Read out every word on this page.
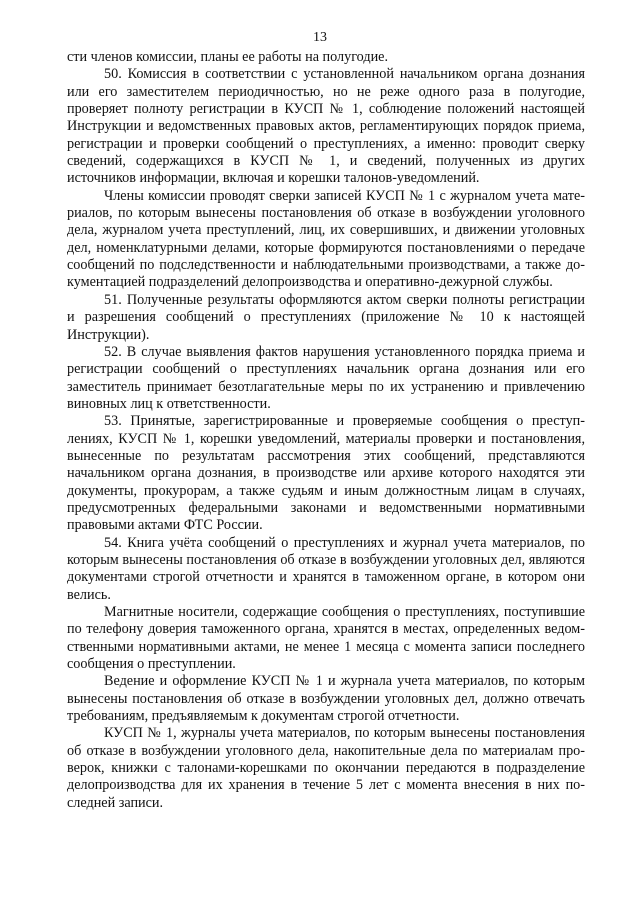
13

сти членов комиссии, планы ее работы на полугодие.

50. Комиссия в соответствии с установленной начальником органа дознания или его заместителем периодичностью, но не реже одного раза в полугодие, проверяет полноту регистрации в КУСП № 1, соблюдение положений настоящей Инструкции и ведомственных правовых актов, регламентирующих порядок приема, регистрации и проверки сообщений о преступлениях, а именно: проводит сверку сведений, содержащихся в КУСП № 1, и сведений, полученных из других источников информации, включая и корешки талонов-уведомлений.

Члены комиссии проводят сверки записей КУСП № 1 с журналом учета материалов, по которым вынесены постановления об отказе в возбуждении уголовного дела, журналом учета преступлений, лиц, их совершивших, и движении уголовных дел, номенклатурными делами, которые формируются постановлениями о передаче сообщений по подследственности и наблюдательными производствами, а также документацией подразделений делопроизводства и оперативно-дежурной службы.

51. Полученные результаты оформляются актом сверки полноты регистрации и разрешения сообщений о преступлениях (приложение № 10 к настоящей Инструкции).

52. В случае выявления фактов нарушения установленного порядка приема и регистрации сообщений о преступлениях начальник органа дознания или его заместитель принимает безотлагательные меры по их устранению и привлечению виновных лиц к ответственности.

53. Принятые, зарегистрированные и проверяемые сообщения о преступлениях, КУСП № 1, корешки уведомлений, материалы проверки и постановления, вынесенные по результатам рассмотрения этих сообщений, представляются начальником органа дознания, в производстве или архиве которого находятся эти документы, прокурорам, а также судьям и иным должностным лицам в случаях, предусмотренных федеральными законами и ведомственными нормативными правовыми актами ФТС России.

54. Книга учёта сообщений о преступлениях и журнал учета материалов, по которым вынесены постановления об отказе в возбуждении уголовных дел, являются документами строгой отчетности и хранятся в таможенном органе, в котором они велись.

Магнитные носители, содержащие сообщения о преступлениях, поступившие по телефону доверия таможенного органа, хранятся в местах, определенных ведомственными нормативными актами, не менее 1 месяца с момента записи последнего сообщения о преступлении.

Ведение и оформление КУСП № 1 и журнала учета материалов, по которым вынесены постановления об отказе в возбуждении уголовных дел, должно отвечать требованиям, предъявляемым к документам строгой отчетности.

КУСП № 1, журналы учета материалов, по которым вынесены постановления об отказе в возбуждении уголовного дела, накопительные дела по материалам проверок, книжки с талонами-корешками по окончании передаются в подразделение делопроизводства для их хранения в течение 5 лет с момента внесения в них последней записи.
